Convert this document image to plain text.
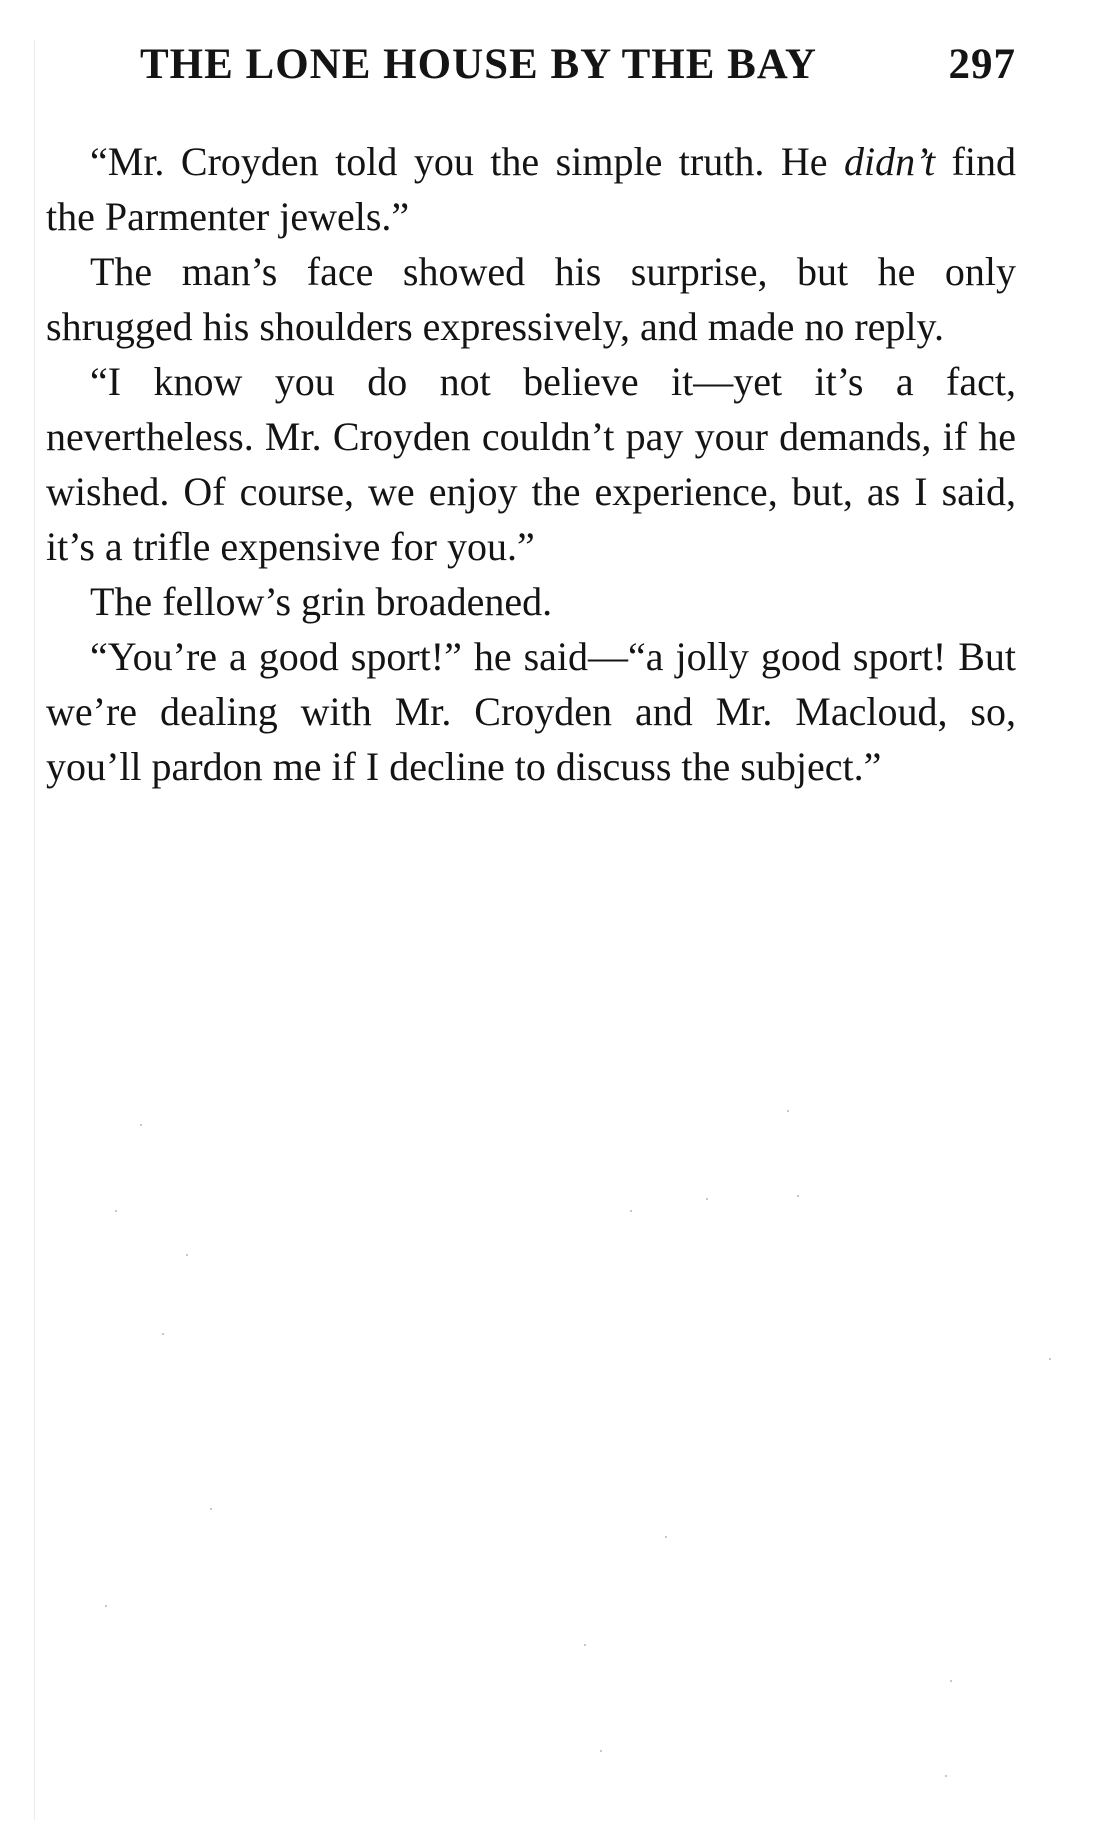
THE LONE HOUSE BY THE BAY	297

“Mr. Croyden told you the simple truth. He didn’t find the Parmenter jewels.”

The man’s face showed his surprise, but he only shrugged his shoulders expressively, and made no reply.

“I know you do not believe it—yet it’s a fact, nevertheless. Mr. Croyden couldn’t pay your demands, if he wished. Of course, we enjoy the experience, but, as I said, it’s a trifle expensive for you.”

The fellow’s grin broadened.

“You’re a good sport!” he said—“a jolly good sport! But we’re dealing with Mr. Croyden and Mr. Macloud, so, you’ll pardon me if I decline to discuss the subject.”
